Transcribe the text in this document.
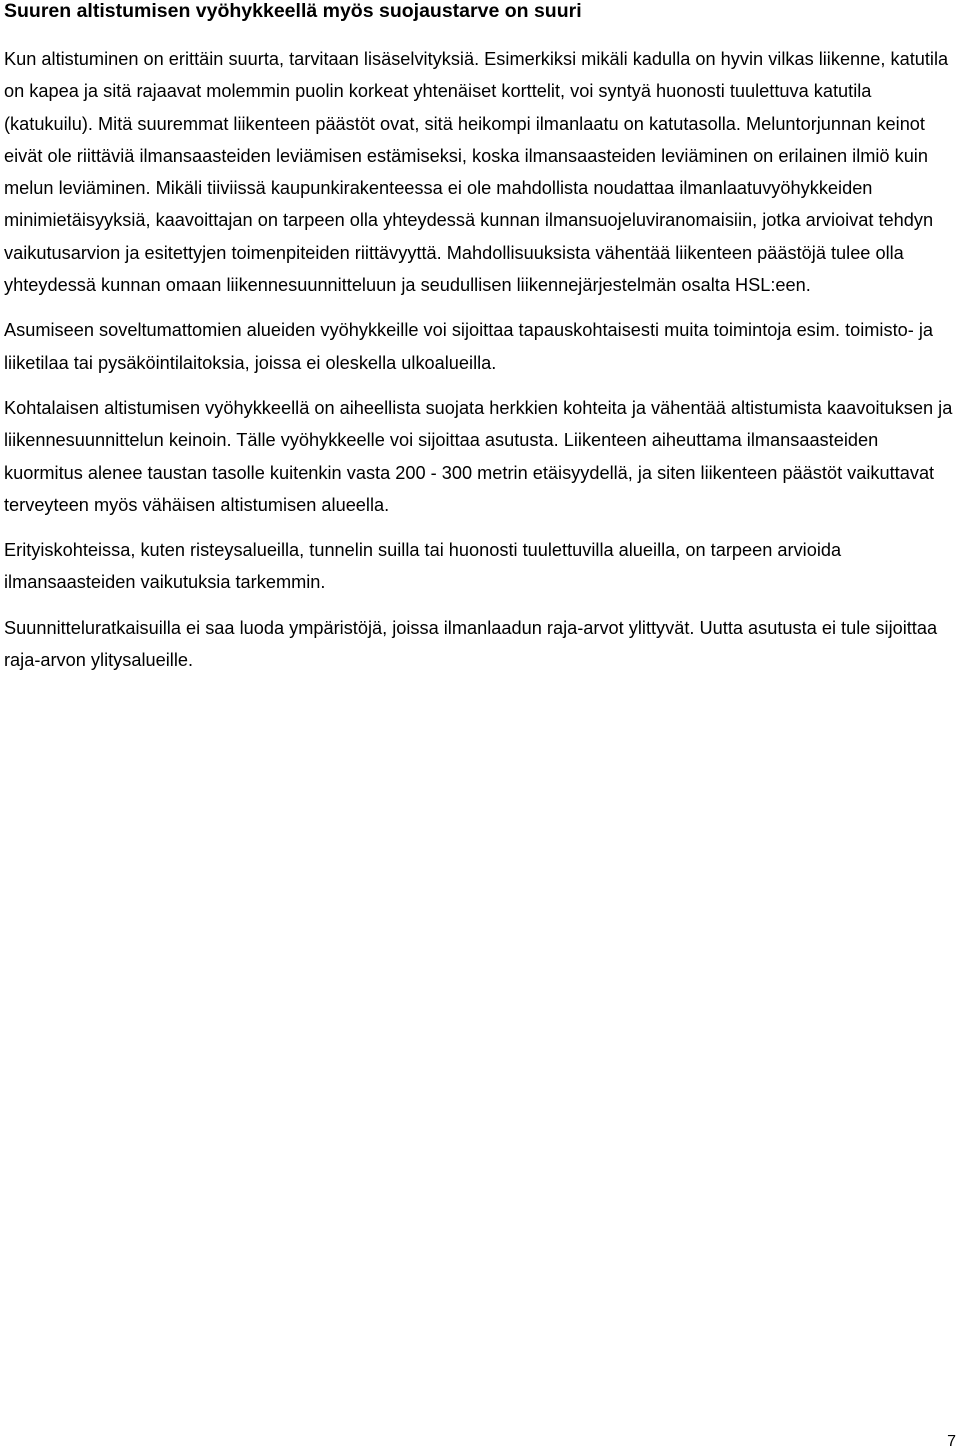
Suuren altistumisen vyöhykkeellä myös suojaustarve on suuri

Kun altistuminen on erittäin suurta, tarvitaan lisäselvityksiä. Esimerkiksi mikäli kadulla on hyvin vilkas liikenne, katutila on kapea ja sitä rajaavat molemmin puolin korkeat yhtenäiset korttelit, voi syntyä huonosti tuulettuva katutila (katukuilu). Mitä suuremmat liikenteen päästöt ovat, sitä heikompi ilmanlaatu on katutasolla. Meluntorjunnan keinot eivät ole riittäviä ilmansaasteiden leviämisen estämiseksi, koska ilmansaasteiden leviäminen on erilainen ilmiö kuin melun leviäminen. Mikäli tiiviissä kaupunkirakenteessa ei ole mahdollista noudattaa ilmanlaatuvyöhykkeiden minimietäisyyksiä, kaavoittajan on tarpeen olla yhteydessä kunnan ilmansuojeluviranomaisiin, jotka arvioivat tehdyn vaikutusarvion ja esitettyjen toimenpiteiden riittävyyttä. Mahdollisuuksista vähentää liikenteen päästöjä tulee olla yhteydessä kunnan omaan liikennesuunnitteluun ja seudullisen liikennejärjestelmän osalta HSL:een.

Asumiseen soveltumattomien alueiden vyöhykkeille voi sijoittaa tapauskohtaisesti muita toimintoja esim. toimisto- ja liiketilaa tai pysäköintilaitoksia, joissa ei oleskella ulkoalueilla.

Kohtalaisen altistumisen vyöhykkeellä on aiheellista suojata herkkien kohteita ja vähentää altistumista kaavoituksen ja liikennesuunnittelun keinoin. Tälle vyöhykkeelle voi sijoittaa asutusta. Liikenteen aiheuttama ilmansaasteiden kuormitus alenee taustan tasolle kuitenkin vasta 200 - 300 metrin etäisyydellä, ja siten liikenteen päästöt vaikuttavat terveyteen myös vähäisen altistumisen alueella.

Erityiskohteissa, kuten risteysalueilla, tunnelin suilla tai huonosti tuulettuvilla alueilla, on tarpeen arvioida ilmansaasteiden vaikutuksia tarkemmin.

Suunnitteluratkaisuilla ei saa luoda ympäristöjä, joissa ilmanlaadun raja-arvot ylittyvät. Uutta asutusta ei tule sijoittaa raja-arvon ylitysalueille.

7
